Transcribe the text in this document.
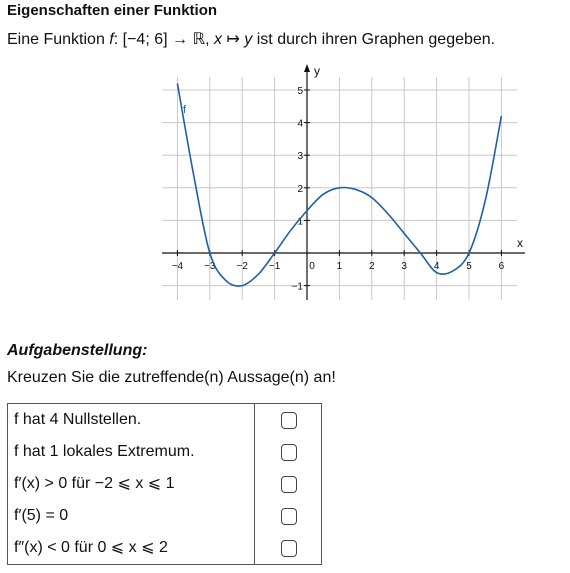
Eigenschaften einer Funktion
Eine Funktion f: [−4; 6] → ℝ, x ↦ y ist durch ihren Graphen gegeben.
−4 −3 −2 −1	0 1	2	3	4	5	6
−1
1
2
3
4
5
x
y
f
Aufgabenstellung:
Kreuzen Sie die zutreffende(n) Aussage(n) an!
f hat 4 Nullstellen.
f hat 1 lokales Extremum.
f′(x) > 0 für −2 ⩽ x ⩽ 1
f′(5) = 0
f″(x) < 0 für 0 ⩽ x ⩽ 2
